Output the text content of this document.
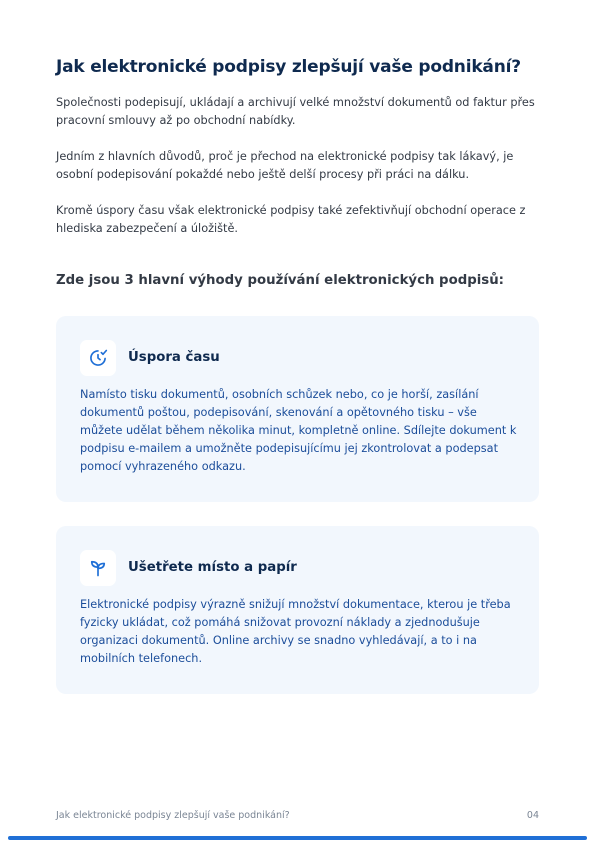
Jak elektronické podpisy zlepšují vaše podnikání?

Společnosti podepisují, ukládají a archivují velké množství dokumentů od faktur přes pracovní smlouvy až po obchodní nabídky.

Jedním z hlavních důvodů, proč je přechod na elektronické podpisy tak lákavý, je osobní podepisování pokaždé nebo ještě delší procesy při práci na dálku.

Kromě úspory času však elektronické podpisy také zefektivňují obchodní operace z hlediska zabezpečení a úložiště.

Zde jsou 3 hlavní výhody používání elektronických podpisů:
Úspora času

Namísto tisku dokumentů, osobních schůzek nebo, co je horší, zasílání dokumentů poštou, podepisování, skenování a opětovného tisku – vše můžete udělat během několika minut, kompletně online. Sdílejte dokument k podpisu e-mailem a umožněte podepisujícímu jej zkontrolovat a podepsat pomocí vyhrazeného odkazu.

Ušetřete místo a papír

Elektronické podpisy výrazně snižují množství dokumentace, kterou je třeba fyzicky ukládat, což pomáhá snižovat provozní náklady a zjednodušuje organizaci dokumentů. Online archivy se snadno vyhledávají, a to i na mobilních telefonech.

Jak elektronické podpisy zlepšují vaše podnikání?	04
